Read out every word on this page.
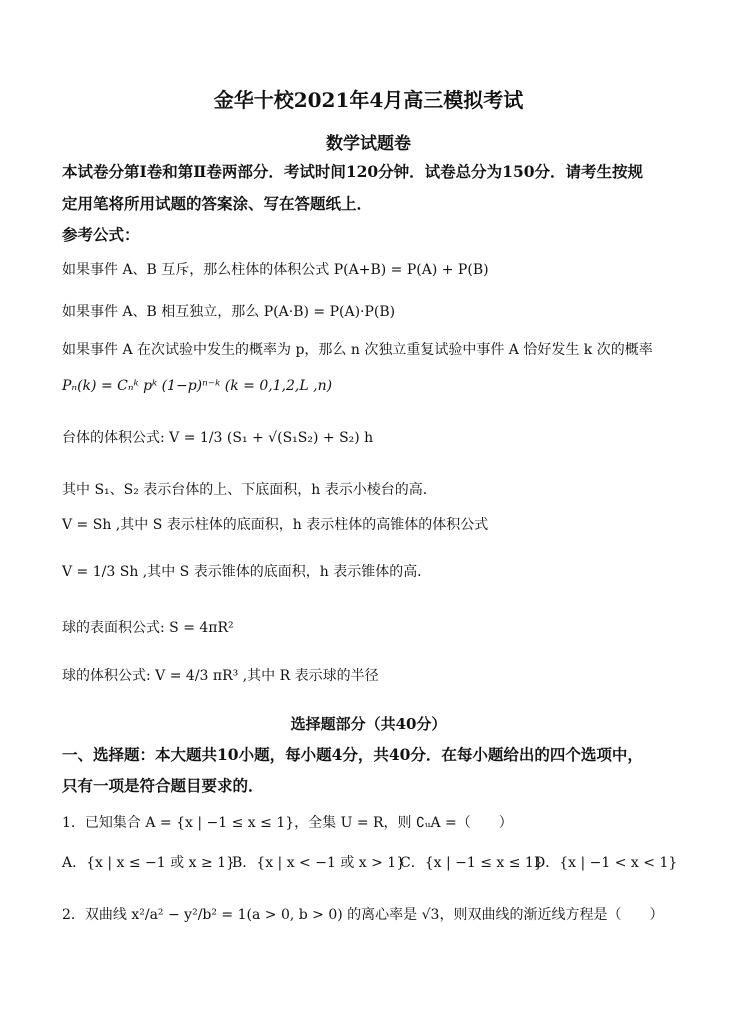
金华十校2021年4月高三模拟考试
数学试题卷
本试卷分第Ⅰ卷和第Ⅱ卷两部分．考试时间120分钟．试卷总分为150分．请考生按规
定用笔将所用试题的答案涂、写在答题纸上．
参考公式：
如果事件 A、B 互斥，那么柱体的体积公式 P(A+B) = P(A) + P(B)
如果事件 A、B 相互独立，那么 P(A·B) = P(A)·P(B)
如果事件 A 在次试验中发生的概率为 p，那么 n 次独立重复试验中事件 A 恰好发生 k 次的概率
Pₙ(k) = Cₙᵏ pᵏ (1−p)ⁿ⁻ᵏ (k = 0,1,2,L ,n)
台体的体积公式: V = 1/3 (S₁ + √(S₁S₂) + S₂) h
其中 S₁、S₂ 表示台体的上、下底面积，h 表示小棱台的高．
V = Sh ,其中 S 表示柱体的底面积，h 表示柱体的高锥体的体积公式
V = 1/3 Sh ,其中 S 表示锥体的底面积，h 表示锥体的高．
球的表面积公式: S = 4πR²
球的体积公式: V = 4/3 πR³ ,其中 R 表示球的半径
选择题部分（共40分）
一、选择题：本大题共10小题，每小题4分，共40分．在每小题给出的四个选项中，
只有一项是符合题目要求的．
1．已知集合 A = {x | −1 ≤ x ≤ 1}，全集 U = R，则 ∁ᵤA =（　　）
A．{x | x ≤ −1 或 x ≥ 1}
B．{x | x < −1 或 x > 1}
C．{x | −1 ≤ x ≤ 1}
D．{x | −1 < x < 1}
2．双曲线 x²/a² − y²/b² = 1(a > 0, b > 0) 的离心率是 √3，则双曲线的渐近线方程是（　　）
